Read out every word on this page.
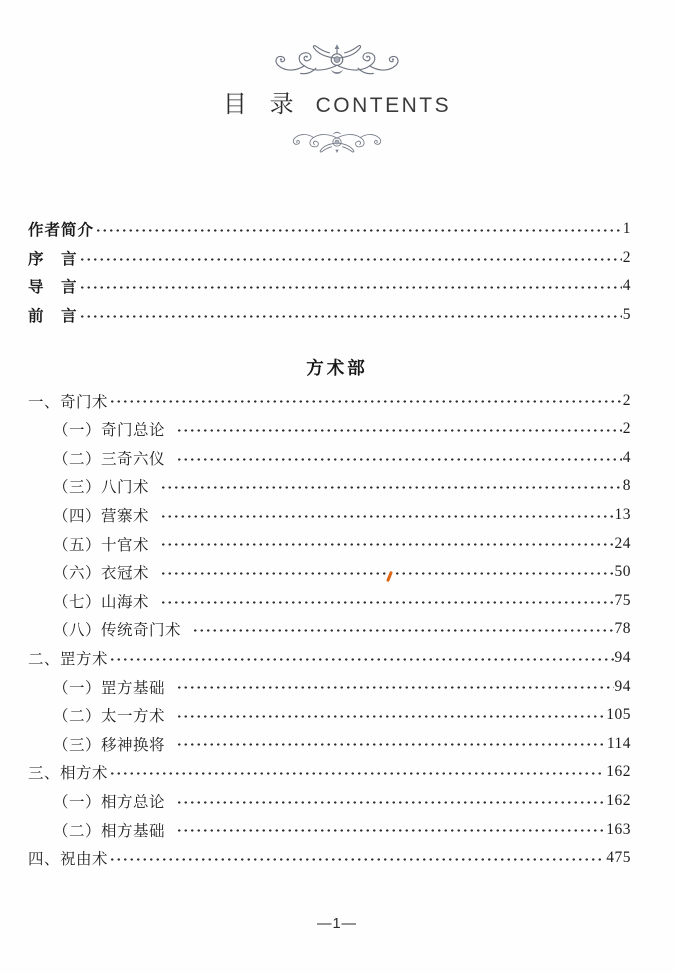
目 录 CONTENTS
作者简介	1
序　言	2
导　言	4
前　言	5
方术部
一、奇门术	2
（一）奇门总论	2
（二）三奇六仪	4
（三）八门术	8
（四）营寨术	13
（五）十官术	24
（六）衣冠术	50
（七）山海术	75
（八）传统奇门术	78
二、罡方术	94
（一）罡方基础	94
（二）太一方术	105
（三）移神换将	114
三、相方术	162
（一）相方总论	162
（二）相方基础	163
四、祝由术	475
—1—
